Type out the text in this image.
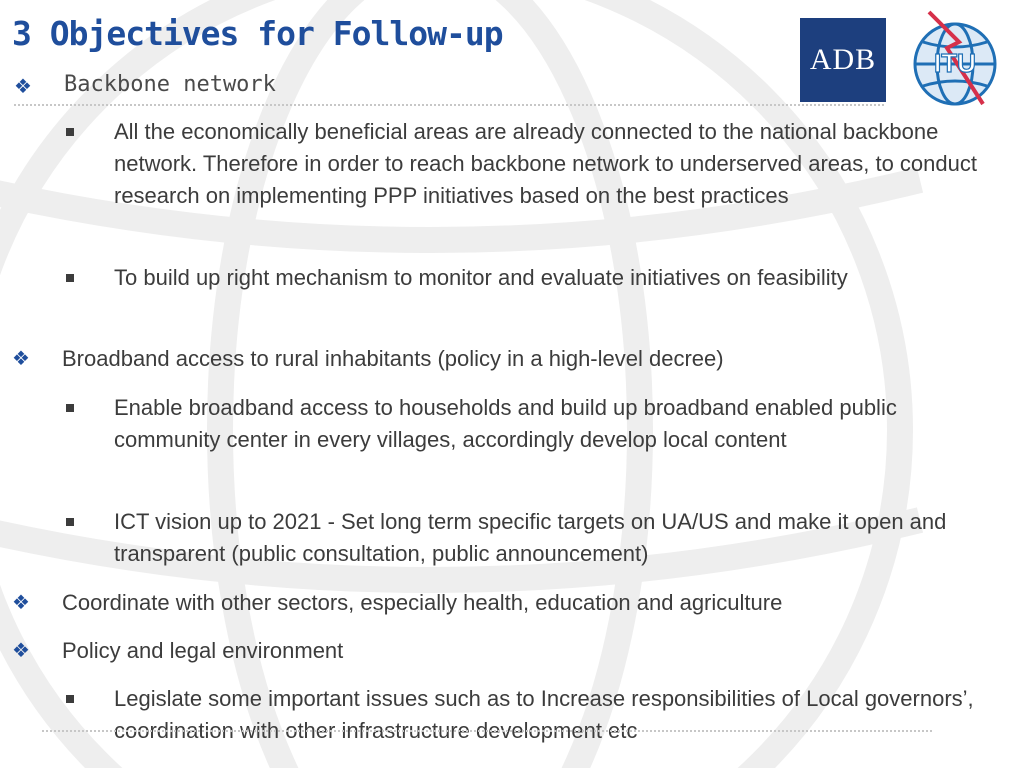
3 Objectives for Follow-up
❖ Backbone network
ADB ITU
All the economically beneficial areas are already connected to the national backbone network. Therefore in order to reach backbone network to underserved areas, to conduct research on implementing PPP initiatives based on the best practices
To build up right mechanism to monitor and evaluate initiatives on feasibility
❖ Broadband access to rural inhabitants (policy in a high-level decree)
Enable broadband access to households and build up broadband enabled public community center in every villages, accordingly develop local content
ICT vision up to 2021 - Set long term specific targets on UA/US and make it open and transparent (public consultation, public announcement)
❖ Coordinate with other sectors, especially health, education and agriculture
❖ Policy and legal environment
Legislate some important issues such as to Increase responsibilities of Local governors’, coordination with other infrastructure development etc
